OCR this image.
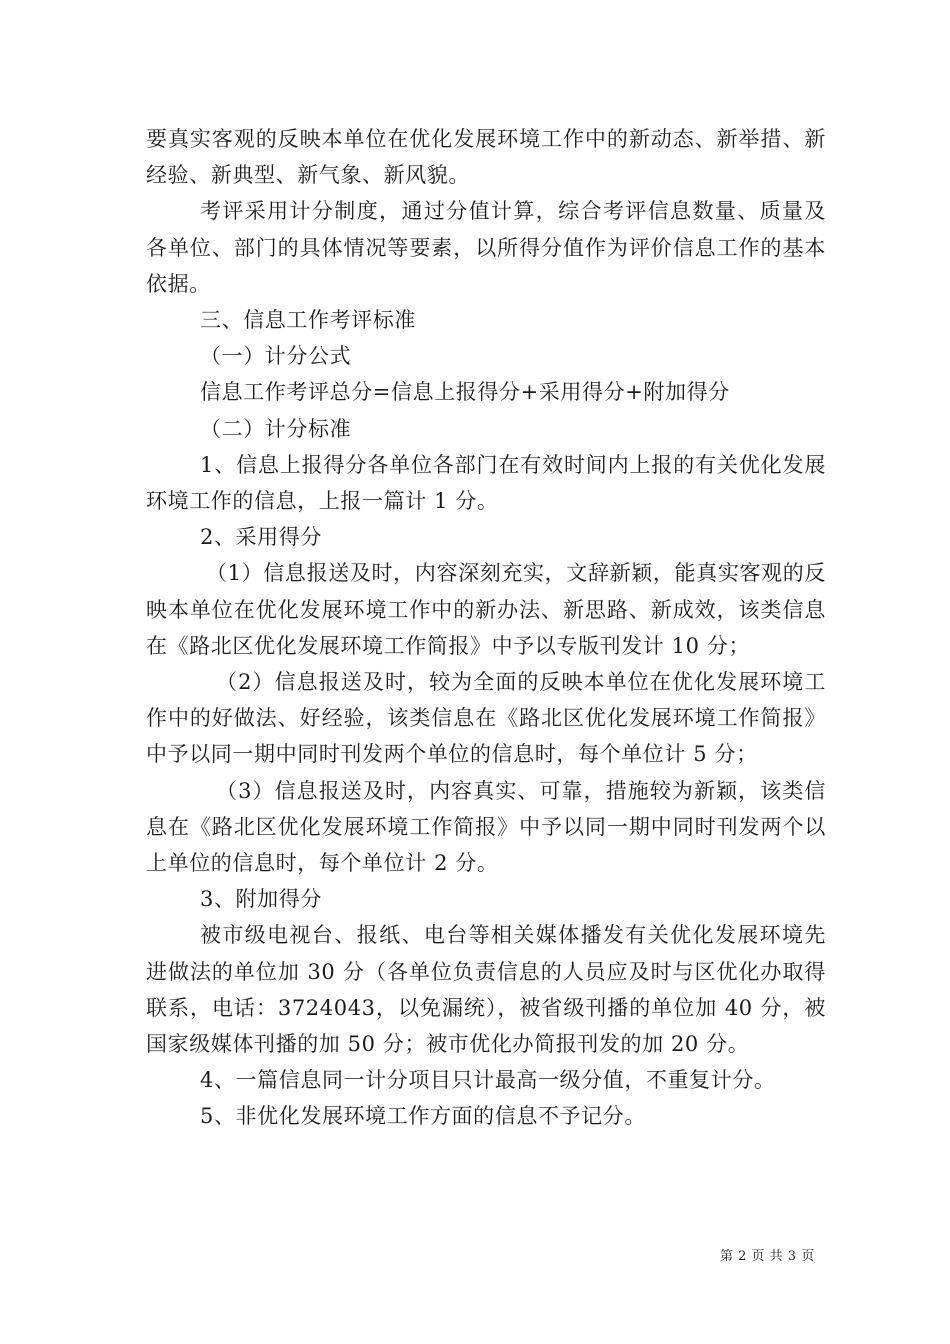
要真实客观的反映本单位在优化发展环境工作中的新动态、新举措、新经验、新典型、新气象、新风貌。

考评采用计分制度，通过分值计算，综合考评信息数量、质量及各单位、部门的具体情况等要素，以所得分值作为评价信息工作的基本依据。

三、信息工作考评标准

（一）计分公式

信息工作考评总分=信息上报得分+采用得分+附加得分

（二）计分标准

1、信息上报得分各单位各部门在有效时间内上报的有关优化发展环境工作的信息，上报一篇计 1 分。

2、采用得分

（1）信息报送及时，内容深刻充实，文辞新颖，能真实客观的反映本单位在优化发展环境工作中的新办法、新思路、新成效，该类信息在《路北区优化发展环境工作简报》中予以专版刊发计 10 分；

（2）信息报送及时，较为全面的反映本单位在优化发展环境工作中的好做法、好经验，该类信息在《路北区优化发展环境工作简报》中予以同一期中同时刊发两个单位的信息时，每个单位计 5 分；

（3）信息报送及时，内容真实、可靠，措施较为新颖，该类信息在《路北区优化发展环境工作简报》中予以同一期中同时刊发两个以上单位的信息时，每个单位计 2 分。

3、附加得分

被市级电视台、报纸、电台等相关媒体播发有关优化发展环境先进做法的单位加 30 分（各单位负责信息的人员应及时与区优化办取得联系，电话：3724043，以免漏统），被省级刊播的单位加 40 分，被国家级媒体刊播的加 50 分；被市优化办简报刊发的加 20 分。

4、一篇信息同一计分项目只计最高一级分值，不重复计分。

5、非优化发展环境工作方面的信息不予记分。

第 2 页 共 3 页
